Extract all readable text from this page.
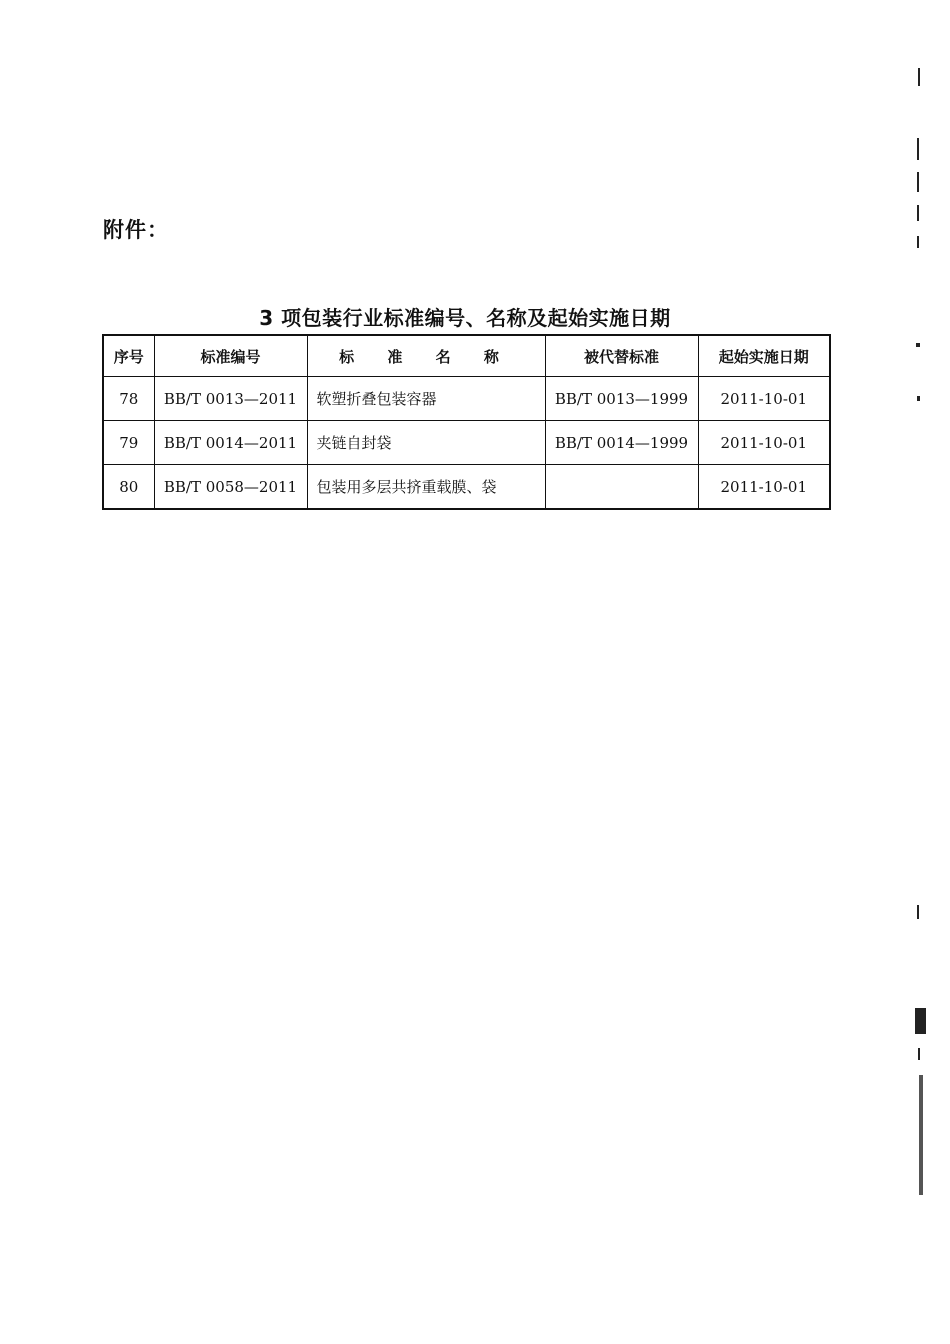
附件：
3 项包装行业标准编号、名称及起始实施日期
序号	标准编号	标 准 名 称	被代替标准	起始实施日期
78	BB/T 0013—2011	软塑折叠包装容器	BB/T 0013—1999	2011-10-01
79	BB/T 0014—2011	夹链自封袋	BB/T 0014—1999	2011-10-01
80	BB/T 0058—2011	包装用多层共挤重载膜、袋		2011-10-01
